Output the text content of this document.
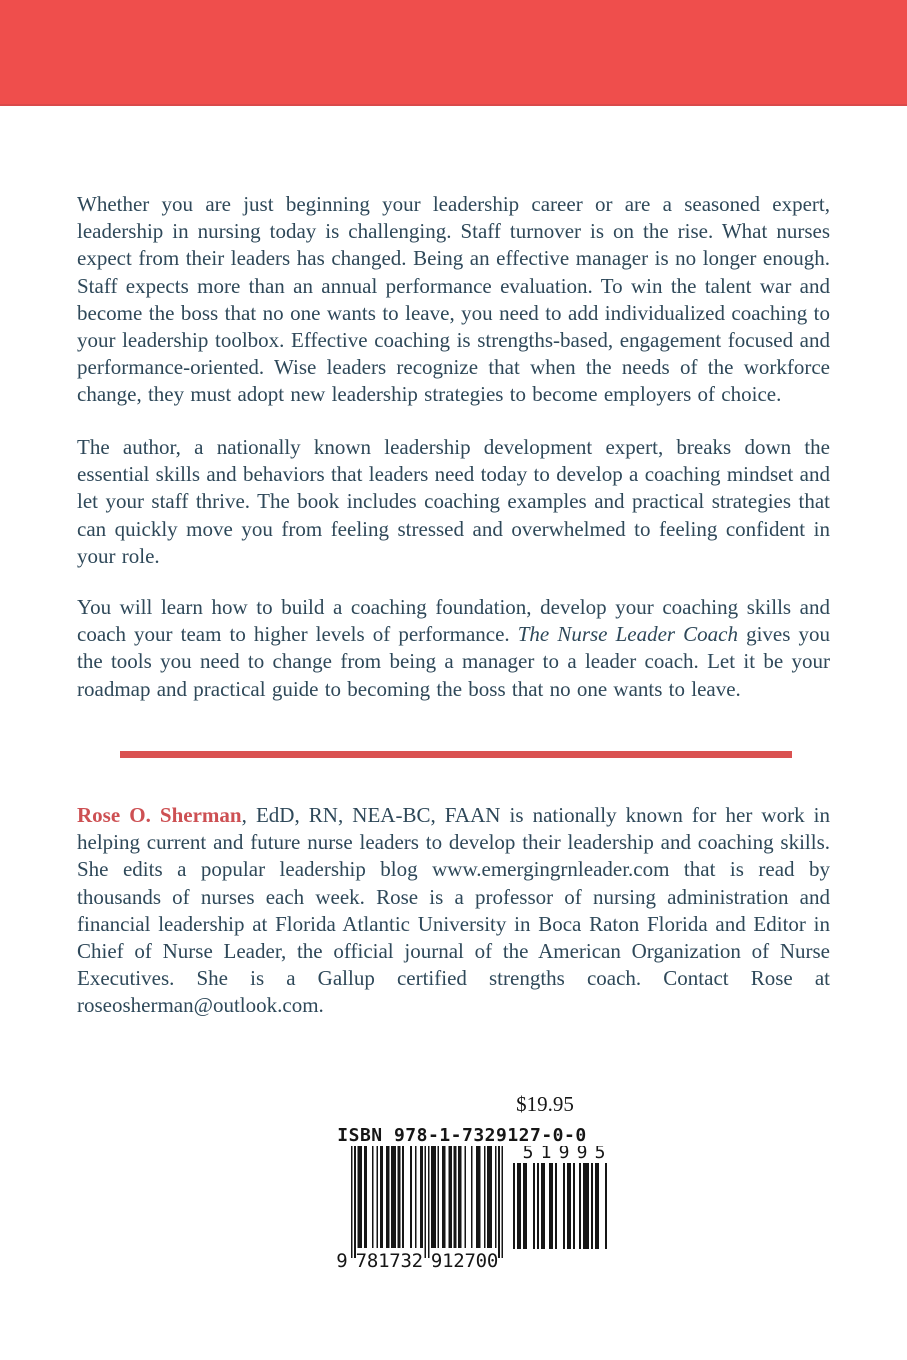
Whether you are just beginning your leadership career or are a seasoned expert, leadership in nursing today is challenging. Staff turnover is on the rise. What nurses expect from their leaders has changed. Being an effective manager is no longer enough. Staff expects more than an annual performance evaluation. To win the talent war and become the boss that no one wants to leave, you need to add individualized coaching to your leadership toolbox. Effective coaching is strengths-based, engagement focused and performance-oriented. Wise leaders recognize that when the needs of the workforce change, they must adopt new leadership strategies to become employers of choice.

The author, a nationally known leadership development expert, breaks down the essential skills and behaviors that leaders need today to develop a coaching mindset and let your staff thrive. The book includes coaching examples and practical strategies that can quickly move you from feeling stressed and overwhelmed to feeling confident in your role.

You will learn how to build a coaching foundation, develop your coaching skills and coach your team to higher levels of performance. The Nurse Leader Coach gives you the tools you need to change from being a manager to a leader coach. Let it be your roadmap and practical guide to becoming the boss that no one wants to leave.

Rose O. Sherman, EdD, RN, NEA-BC, FAAN is nationally known for her work in helping current and future nurse leaders to develop their leadership and coaching skills. She edits a popular leadership blog www.emergingrnleader.com that is read by thousands of nurses each week. Rose is a professor of nursing administration and financial leadership at Florida Atlantic University in Boca Raton Florida and Editor in Chief of Nurse Leader, the official journal of the American Organization of Nurse Executives. She is a Gallup certified strengths coach. Contact Rose at roseosherman@outlook.com.

$19.95
ISBN 978-1-7329127-0-0
9 7 8 1 7 3 2 9 1 2 7 0 0
5 1 9 9 5
